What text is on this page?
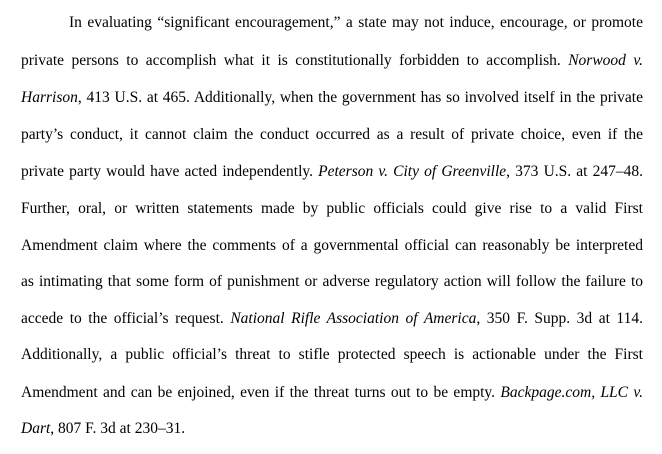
In evaluating “significant encouragement,” a state may not induce, encourage, or promote
private persons to accomplish what it is constitutionally forbidden to accomplish. Norwood v.
Harrison, 413 U.S. at 465. Additionally, when the government has so involved itself in the private
party’s conduct, it cannot claim the conduct occurred as a result of private choice, even if the
private party would have acted independently. Peterson v. City of Greenville, 373 U.S. at 247–48.
Further, oral, or written statements made by public officials could give rise to a valid First
Amendment claim where the comments of a governmental official can reasonably be interpreted
as intimating that some form of punishment or adverse regulatory action will follow the failure to
accede to the official’s request. National Rifle Association of America, 350 F. Supp. 3d at 114.
Additionally, a public official’s threat to stifle protected speech is actionable under the First
Amendment and can be enjoined, even if the threat turns out to be empty. Backpage.com, LLC v.
Dart, 807 F. 3d at 230–31.
